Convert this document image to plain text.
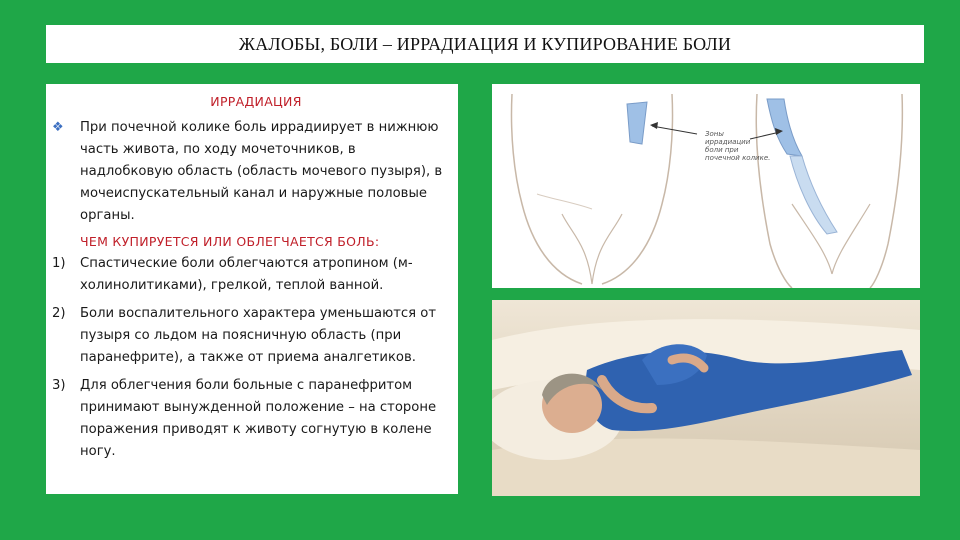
ЖАЛОБЫ, БОЛИ – ИРРАДИАЦИЯ И КУПИРОВАНИЕ БОЛИ
ИРРАДИАЦИЯ
❖	При почечной колике боль иррадиирует в нижнюю часть живота, по ходу мочеточников, в надлобковую область (область мочевого пузыря), в мочеиспускательный канал и наружные половые органы.
ЧЕМ КУПИРУЕТСЯ ИЛИ ОБЛЕГЧАЕТСЯ БОЛЬ:
1)	Спастические боли облегчаются атропином (м-холинолитиками), грелкой, теплой ванной.
2)	Боли воспалительного характера уменьшаются от пузыря со льдом на поясничную область (при паранефрите), а также от приема аналгетиков.
3)	Для облегчения боли больные с паранефритом принимают вынужденной положение – на стороне поражения приводят к животу согнутую в колене ногу.
Зоны
иррадиации
боли при
почечной колике.
